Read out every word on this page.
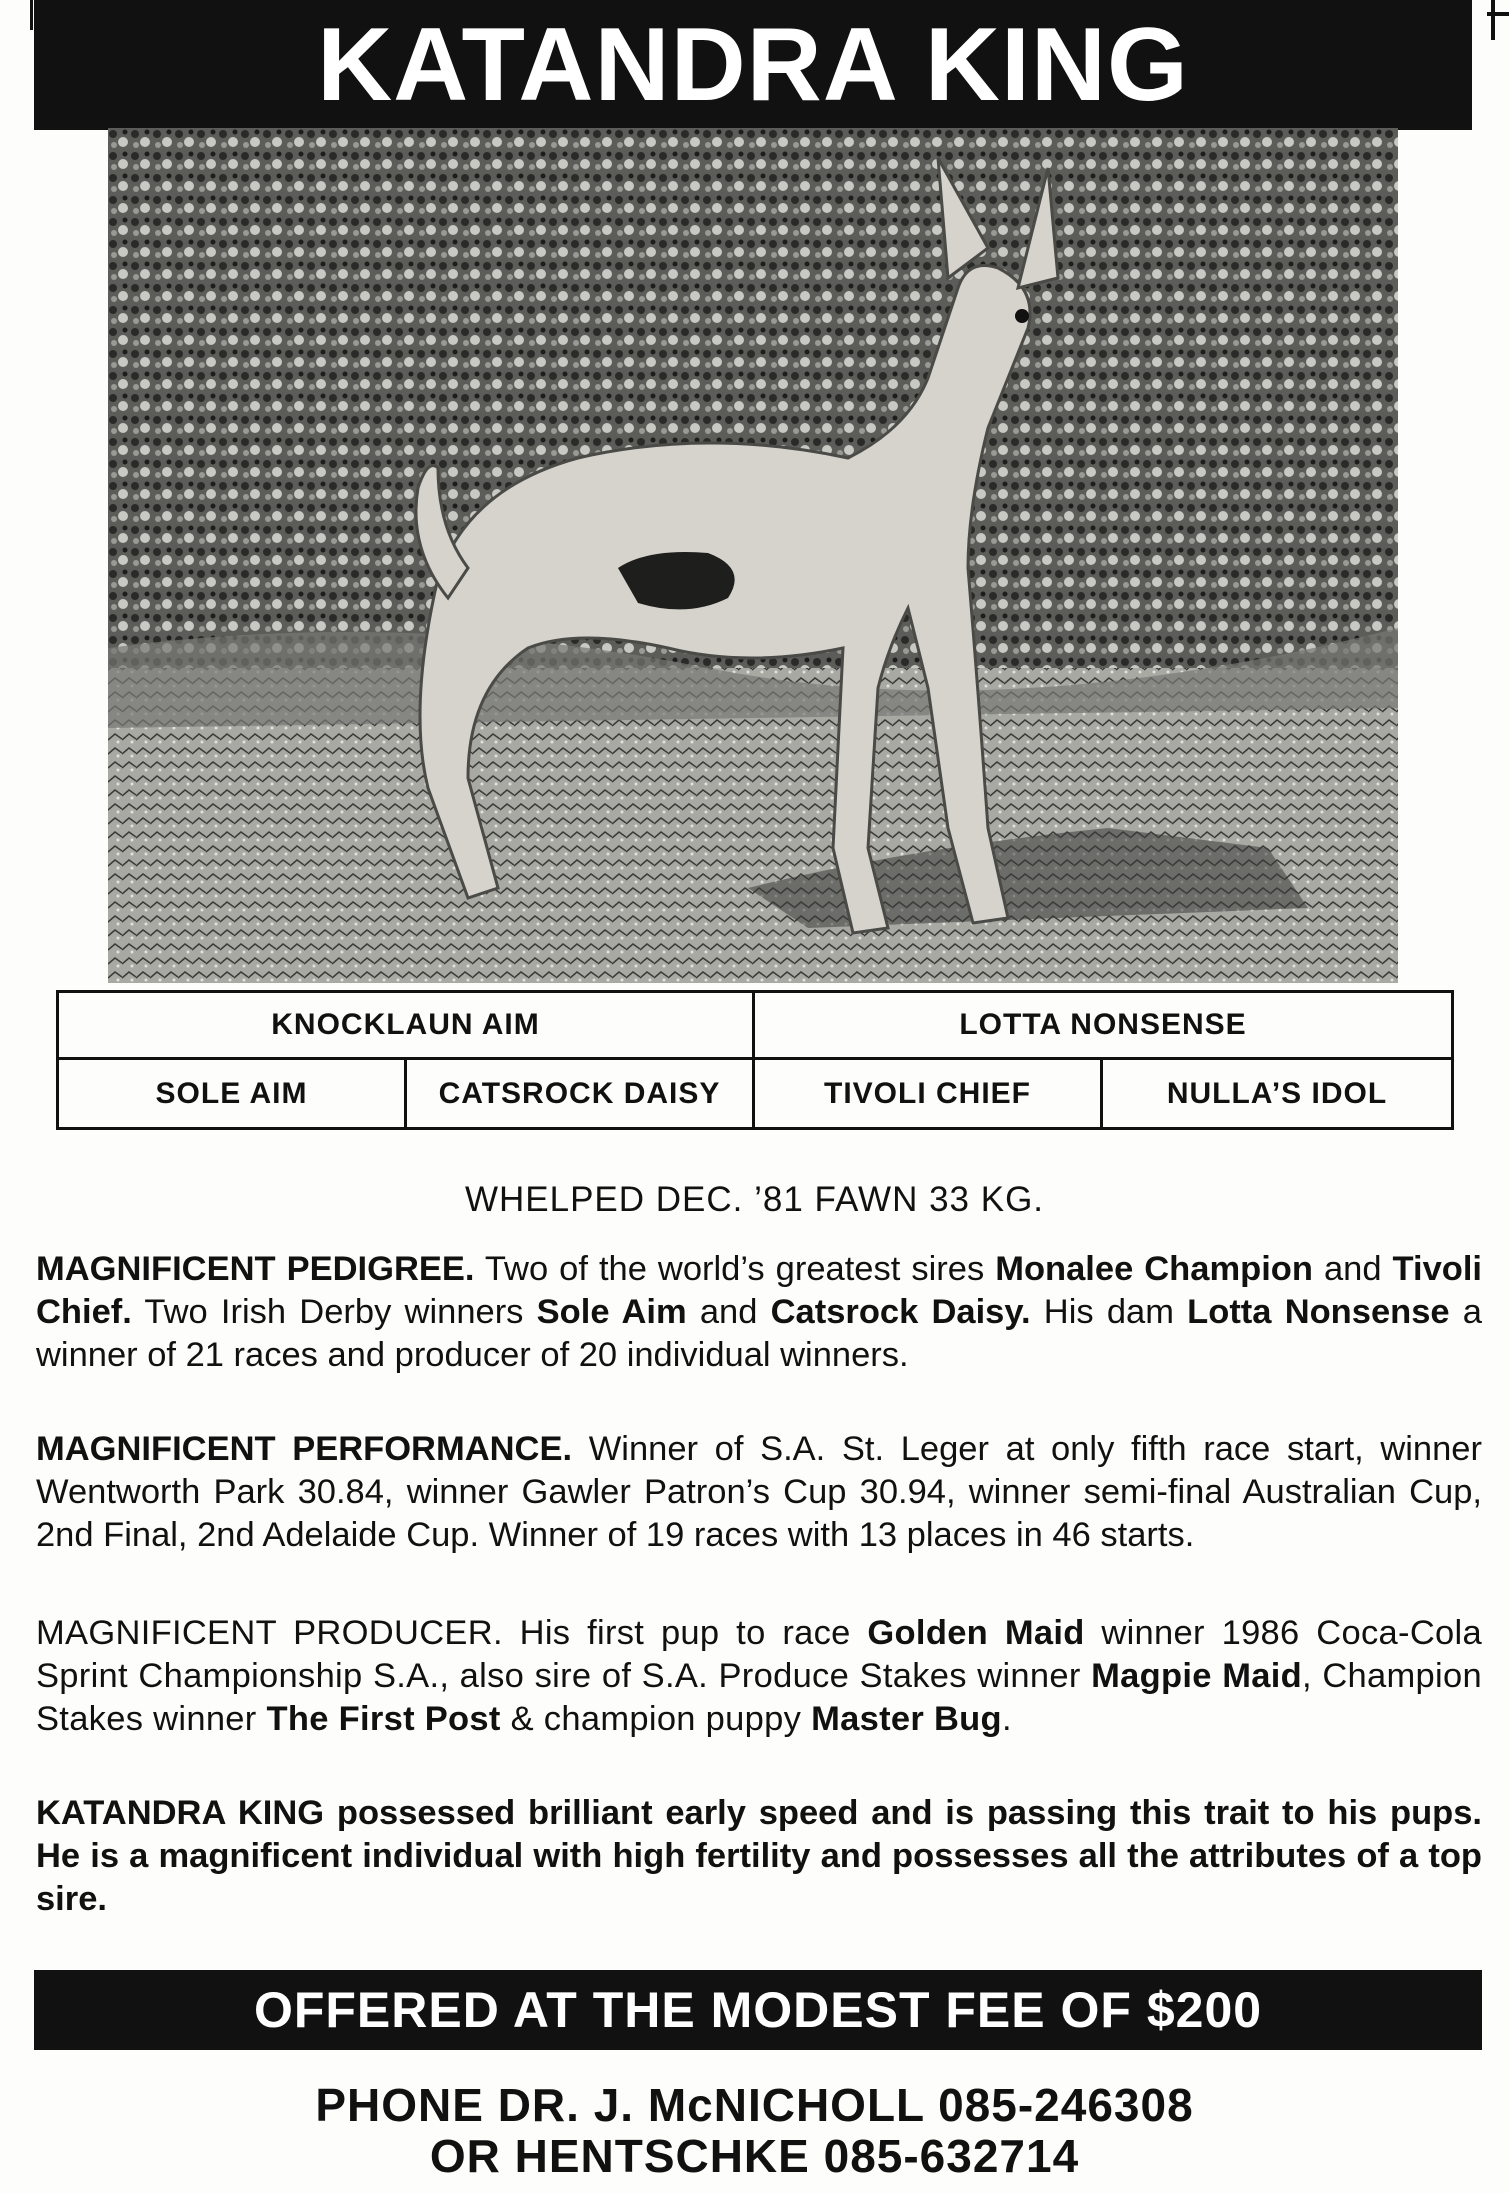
KATANDRA KING
KNOCKLAUN AIM	LOTTA NONSENSE
SOLE AIM	CATSROCK DAISY	TIVOLI CHIEF	NULLA’S IDOL
WHELPED DEC. ’81 FAWN 33 KG.
MAGNIFICENT PEDIGREE. Two of the world’s greatest sires Monalee Champion and Tivoli Chief. Two Irish Derby winners Sole Aim and Catsrock Daisy. His dam Lotta Nonsense a winner of 21 races and producer of 20 individual winners.
MAGNIFICENT PERFORMANCE. Winner of S.A. St. Leger at only fifth race start, winner Wentworth Park 30.84, winner Gawler Patron’s Cup 30.94, winner semi-final Australian Cup, 2nd Final, 2nd Adelaide Cup. Winner of 19 races with 13 places in 46 starts.
MAGNIFICENT PRODUCER. His first pup to race Golden Maid winner 1986 Coca-Cola Sprint Championship S.A., also sire of S.A. Produce Stakes winner Magpie Maid, Champion Stakes winner The First Post & champion puppy Master Bug.
KATANDRA KING possessed brilliant early speed and is passing this trait to his pups. He is a magnificent individual with high fertility and possesses all the attributes of a top sire.
OFFERED AT THE MODEST FEE OF $200
PHONE DR. J. McNICHOLL 085-246308
OR HENTSCHKE 085-632714
